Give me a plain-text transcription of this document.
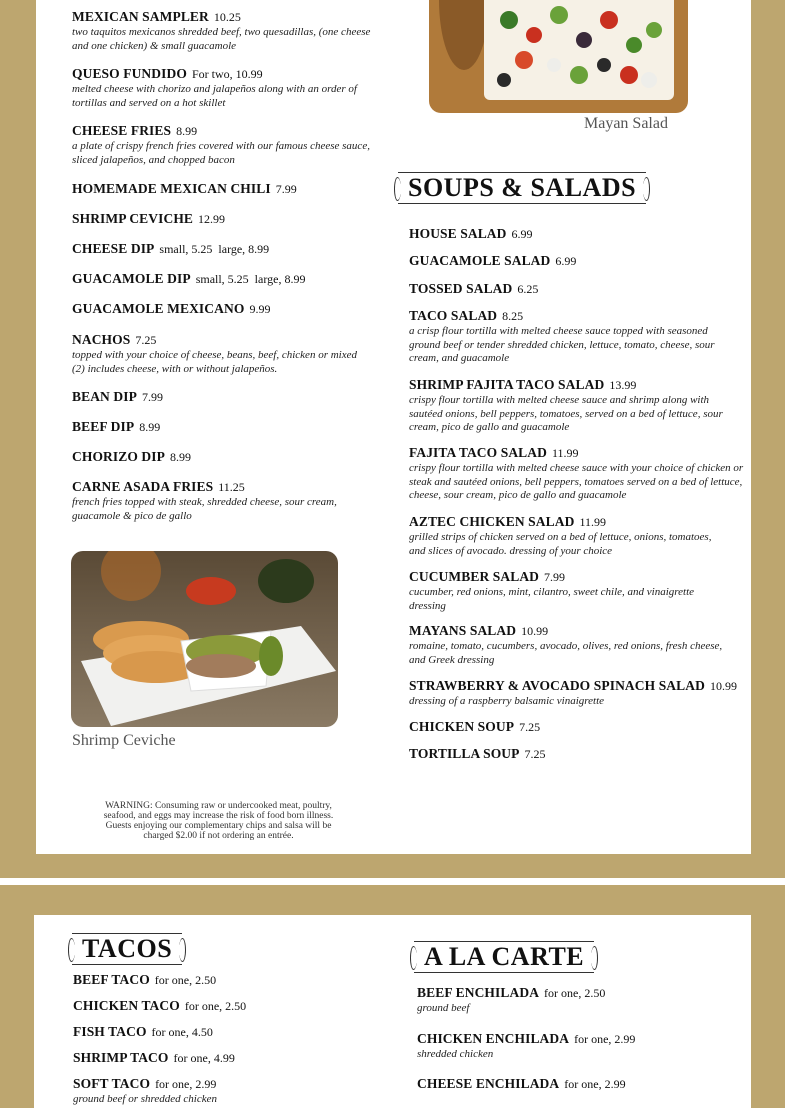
MEXICAN SAMPLER 10.25
two taquitos mexicanos shredded beef, two quesadillas, (one cheese and one chicken) & small guacamole
QUESO FUNDIDO For two, 10.99
melted cheese with chorizo and jalapeños along with an order of tortillas and served on a hot skillet
CHEESE FRIES 8.99
a plate of crispy french fries covered with our famous cheese sauce, sliced jalapeños, and chopped bacon
HOMEMADE MEXICAN CHILI 7.99
SHRIMP CEVICHE 12.99
CHEESE DIP small, 5.25  large, 8.99
GUACAMOLE DIP small, 5.25  large, 8.99
GUACAMOLE MEXICANO 9.99
NACHOS 7.25
topped with your choice of cheese, beans, beef, chicken or mixed (2) includes cheese, with or without jalapeños.
BEAN DIP 7.99
BEEF DIP 8.99
CHORIZO DIP 8.99
CARNE ASADA FRIES 11.25
french fries topped with steak, shredded cheese, sour cream, guacamole & pico de gallo
Shrimp Ceviche
Mayan Salad
SOUPS & SALADS
HOUSE SALAD 6.99
GUACAMOLE SALAD 6.99
TOSSED SALAD 6.25
TACO SALAD 8.25
a crisp flour tortilla with melted cheese sauce topped with seasoned ground beef or tender shredded chicken, lettuce, tomato, cheese, sour cream, and guacamole
SHRIMP FAJITA TACO SALAD 13.99
crispy flour tortilla with melted cheese sauce and shrimp along with sautéed onions, bell peppers, tomatoes, served on a bed of lettuce, sour cream, pico de gallo and guacamole
FAJITA TACO SALAD 11.99
crispy flour tortilla with melted cheese sauce with your choice of chicken or steak and sautéed onions, bell peppers, tomatoes served on a bed of lettuce, cheese, sour cream, pico de gallo and guacamole
AZTEC CHICKEN SALAD 11.99
grilled strips of chicken served on a bed of lettuce, onions, tomatoes, and slices of avocado. dressing of your choice
CUCUMBER SALAD 7.99
cucumber, red onions, mint, cilantro, sweet chile, and vinaigrette dressing
MAYANS SALAD 10.99
romaine, tomato, cucumbers, avocado, olives, red onions, fresh cheese, and Greek dressing
STRAWBERRY & AVOCADO SPINACH SALAD 10.99
dressing of a raspberry balsamic vinaigrette
CHICKEN SOUP 7.25
TORTILLA SOUP 7.25
WARNING: Consuming raw or undercooked meat, poultry, seafood, and eggs may increase the risk of food born illness. Guests enjoying our complementary chips and salsa will be charged $2.00 if not ordering an entrée.
TACOS
BEEF TACO for one, 2.50
CHICKEN TACO for one, 2.50
FISH TACO for one, 4.50
SHRIMP TACO for one, 4.99
SOFT TACO for one, 2.99
ground beef or shredded chicken
A LA CARTE
BEEF ENCHILADA for one, 2.50
ground beef
CHICKEN ENCHILADA for one, 2.99
shredded chicken
CHEESE ENCHILADA for one, 2.99
